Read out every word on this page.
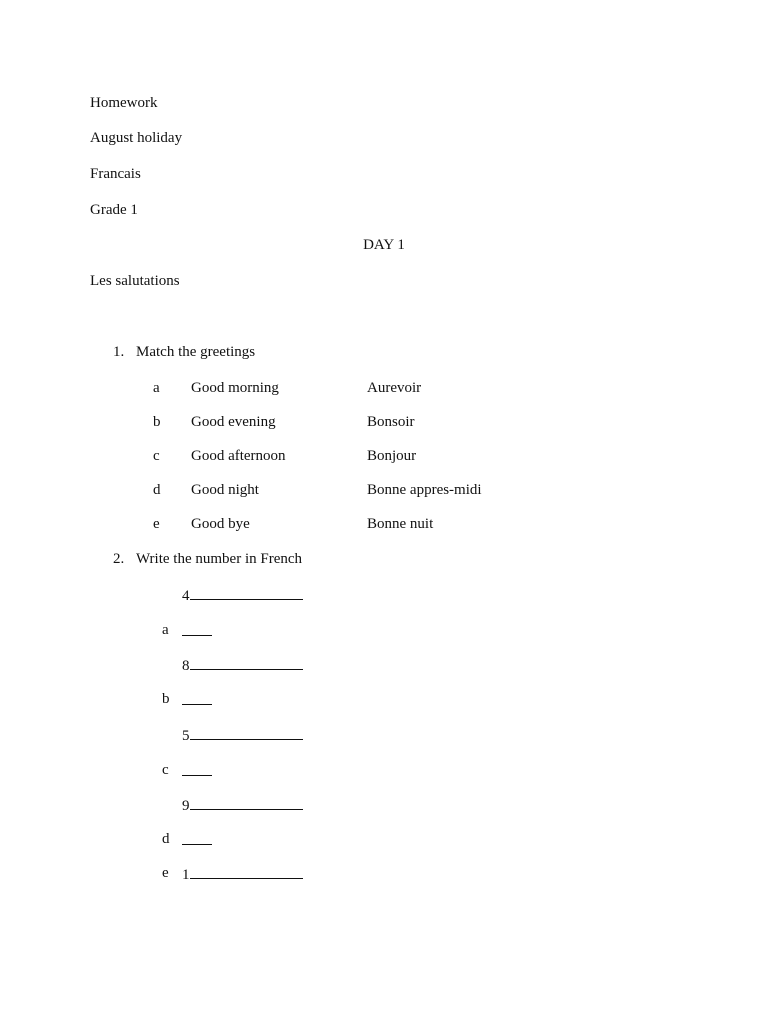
Homework
August holiday
Francais
Grade 1
DAY 1
Les salutations
1. Match the greetings
a Good morning	Aurevoir
b Good evening	Bonsoir
c Good afternoon	Bonjour
d Good night	Bonne appres-midi
e Good bye	Bonne nuit
2. Write the number in French
4
a
8
b
5
c
9
d
e 1
